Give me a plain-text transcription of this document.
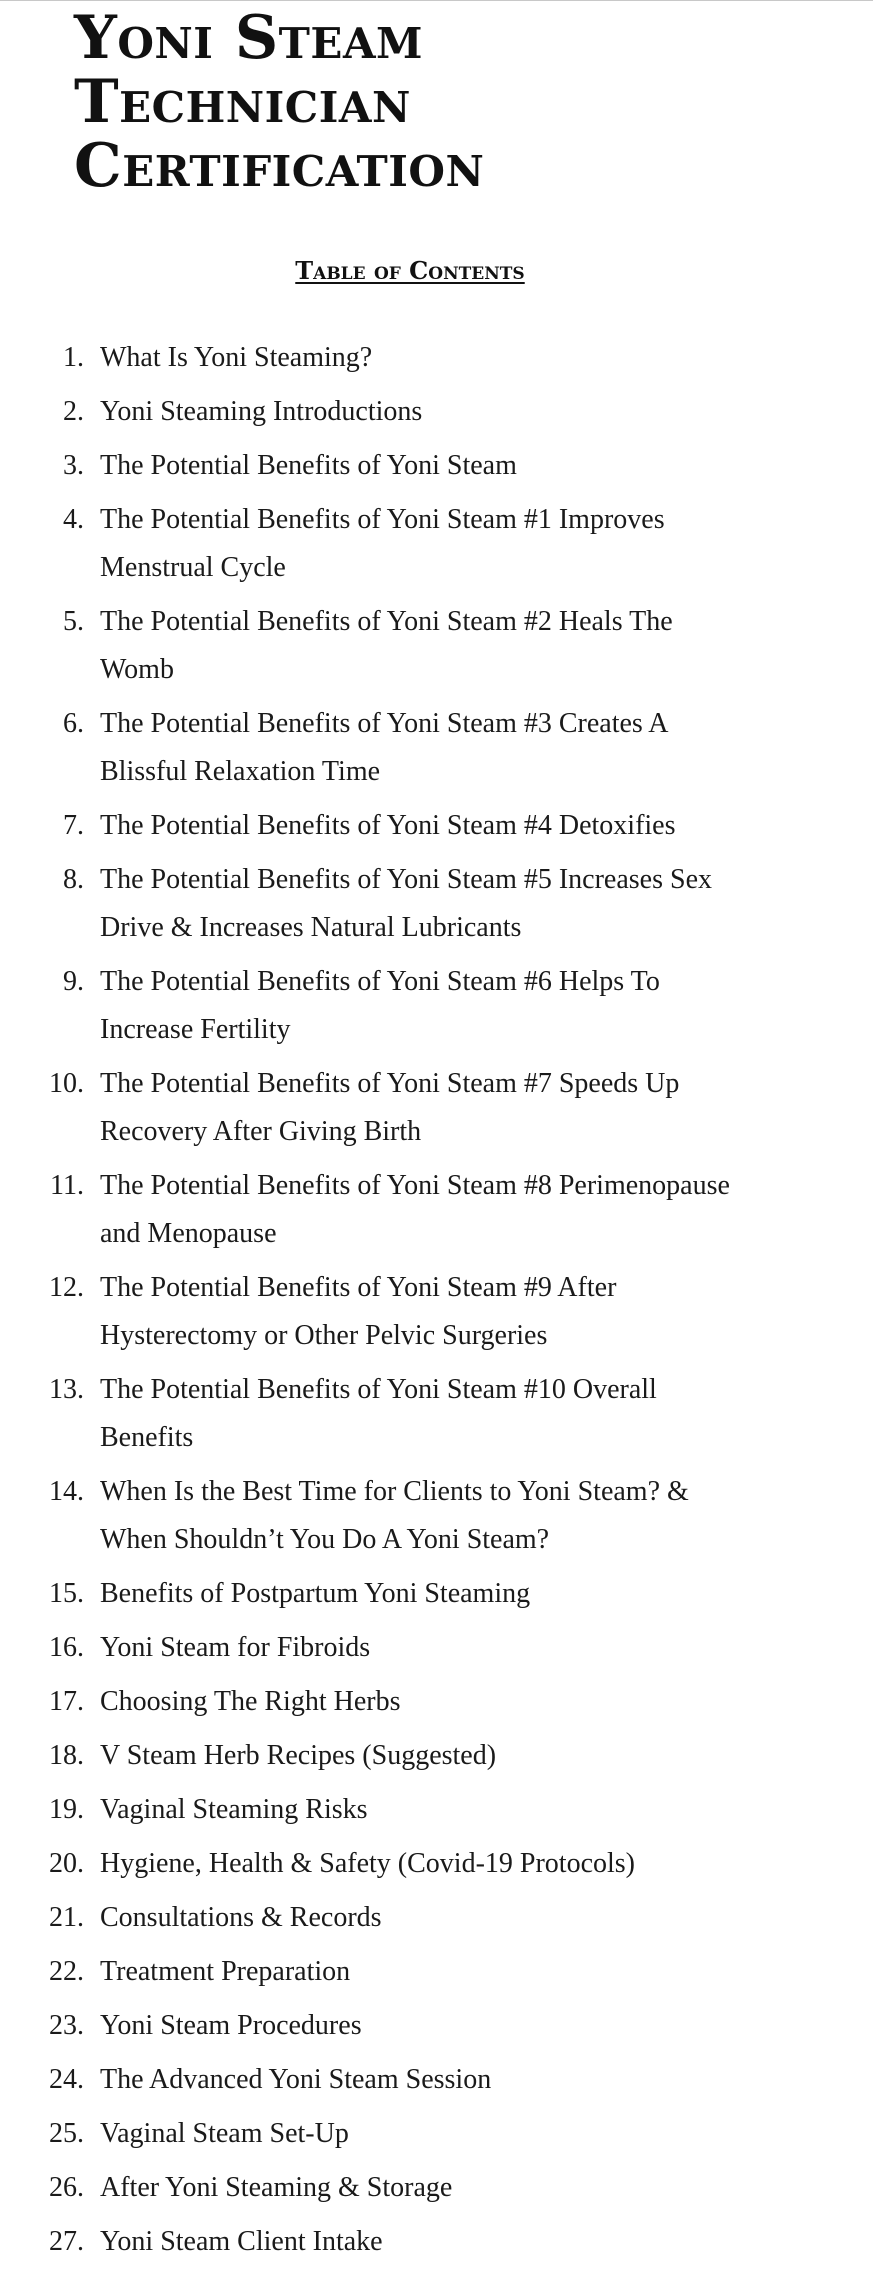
Yoni Steam Technician Certification
Table of Contents
1. What Is Yoni Steaming?
2. Yoni Steaming Introductions
3. The Potential Benefits of Yoni Steam
4. The Potential Benefits of Yoni Steam #1 Improves Menstrual Cycle
5. The Potential Benefits of Yoni Steam #2 Heals The Womb
6. The Potential Benefits of Yoni Steam #3 Creates A Blissful Relaxation Time
7. The Potential Benefits of Yoni Steam #4 Detoxifies
8. The Potential Benefits of Yoni Steam #5 Increases Sex Drive & Increases Natural Lubricants
9. The Potential Benefits of Yoni Steam #6 Helps To Increase Fertility
10. The Potential Benefits of Yoni Steam #7 Speeds Up Recovery After Giving Birth
11. The Potential Benefits of Yoni Steam #8 Perimenopause and Menopause
12. The Potential Benefits of Yoni Steam #9 After Hysterectomy or Other Pelvic Surgeries
13. The Potential Benefits of Yoni Steam #10 Overall Benefits
14. When Is the Best Time for Clients to Yoni Steam? & When Shouldn’t You Do A Yoni Steam?
15. Benefits of Postpartum Yoni Steaming
16. Yoni Steam for Fibroids
17. Choosing The Right Herbs
18. V Steam Herb Recipes (Suggested)
19. Vaginal Steaming Risks
20. Hygiene, Health & Safety (Covid-19 Protocols)
21. Consultations & Records
22. Treatment Preparation
23. Yoni Steam Procedures
24. The Advanced Yoni Steam Session
25. Vaginal Steam Set-Up
26. After Yoni Steaming & Storage
27. Yoni Steam Client Intake
